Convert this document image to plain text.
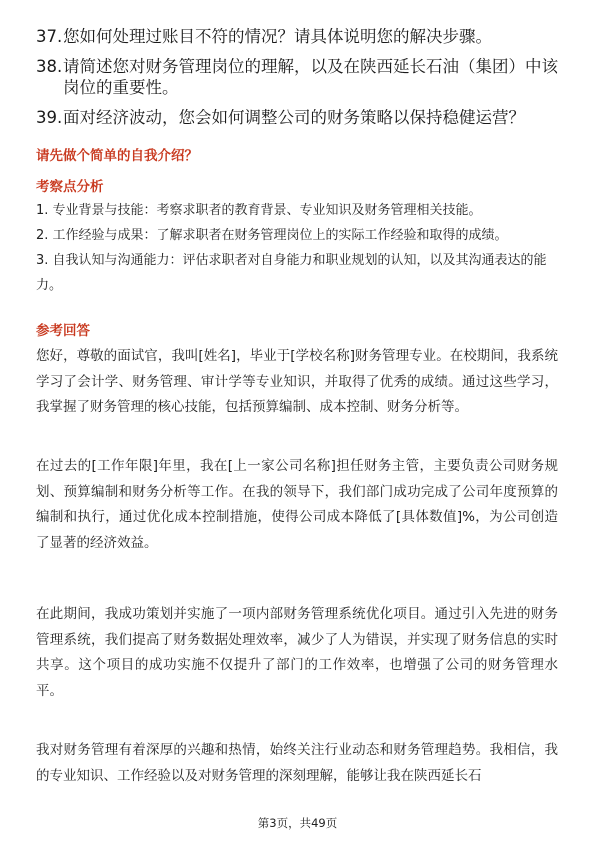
37. 您如何处理过账目不符的情况？请具体说明您的解决步骤。
38. 请简述您对财务管理岗位的理解，以及在陕西延长石油（集团）中该岗位的重要性。
39. 面对经济波动，您会如何调整公司的财务策略以保持稳健运营？
请先做个简单的自我介绍？
考察点分析

1. 专业背景与技能：考察求职者的教育背景、专业知识及财务管理相关技能。

2. 工作经验与成果：了解求职者在财务管理岗位上的实际工作经验和取得的成绩。

3. 自我认知与沟通能力：评估求职者对自身能力和职业规划的认知，以及其沟通表达的能力。

参考回答

您好，尊敬的面试官，我叫[姓名]，毕业于[学校名称]财务管理专业。在校期间，我系统学习了会计学、财务管理、审计学等专业知识，并取得了优秀的成绩。通过这些学习，我掌握了财务管理的核心技能，包括预算编制、成本控制、财务分析等。

在过去的[工作年限]年里，我在[上一家公司名称]担任财务主管，主要负责公司财务规划、预算编制和财务分析等工作。在我的领导下，我们部门成功完成了公司年度预算的编制和执行，通过优化成本控制措施，使得公司成本降低了[具体数值]%，为公司创造了显著的经济效益。

在此期间，我成功策划并实施了一项内部财务管理系统优化项目。通过引入先进的财务管理系统，我们提高了财务数据处理效率，减少了人为错误，并实现了财务信息的实时共享。这个项目的成功实施不仅提升了部门的工作效率，也增强了公司的财务管理水平。

我对财务管理有着深厚的兴趣和热情，始终关注行业动态和财务管理趋势。我相信，我的专业知识、工作经验以及对财务管理的深刻理解，能够让我在陕西延长石

第3页，共49页
